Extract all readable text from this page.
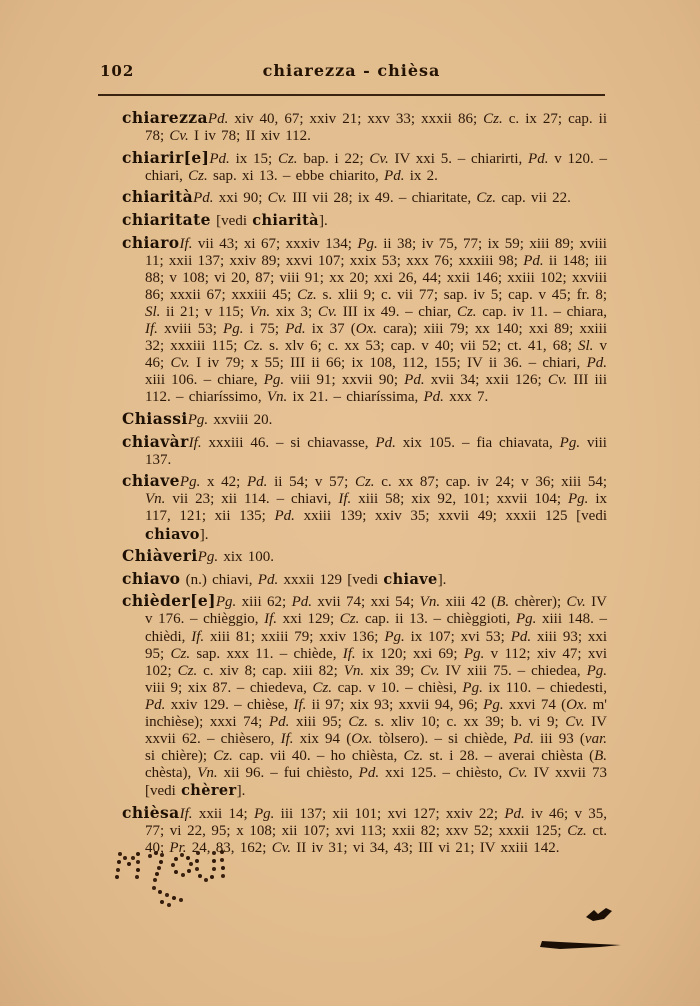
102	chiarezza - chièsa

chiarezzaPd. xiv 40, 67; xxiv 21; xxv 33; xxxii 86; Cz. c. ix 27; cap. ii 78; Cv. I iv 78; II xiv 112.

chiarir[e]Pd. ix 15; Cz. bap. i 22; Cv. IV xxi 5. – chiarirti, Pd. v 120. – chiari, Cz. sap. xi 13. – ebbe chiarito, Pd. ix 2.

chiaritàPd. xxi 90; Cv. III vii 28; ix 49. – chiaritate, Cz. cap. vii 22.

chiaritate [vedi chiarità].

chiaroIf. vii 43; xi 67; xxxiv 134; Pg. ii 38; iv 75, 77; ix 59; xiii 89; xviii 11; xxii 137; xxiv 89; xxvi 107; xxix 53; xxx 76; xxxiii 98; Pd. ii 148; iii 88; v 108; vi 20, 87; viii 91; xx 20; xxi 26, 44; xxii 146; xxiii 102; xxviii 86; xxxii 67; xxxiii 45; Cz. s. xlii 9; c. vii 77; sap. iv 5; cap. v 45; fr. 8; Sl. ii 21; v 115; Vn. xix 3; Cv. III ix 49. – chiar, Cz. cap. iv 11. – chiara, If. xviii 53; Pg. i 75; Pd. ix 37 (Ox. cara); xiii 79; xx 140; xxi 89; xxiii 32; xxxiii 115; Cz. s. xlv 6; c. xx 53; cap. v 40; vii 52; ct. 41, 68; Sl. v 46; Cv. I iv 79; x 55; III ii 66; ix 108, 112, 155; IV ii 36. – chiari, Pd. xiii 106. – chiare, Pg. viii 91; xxvii 90; Pd. xvii 34; xxii 126; Cv. III iii 112. – chiaríssimo, Vn. ix 21. – chiaríssima, Pd. xxx 7.

ChiassiPg. xxviii 20.

chiavàrIf. xxxiii 46. – si chiavasse, Pd. xix 105. – fia chiavata, Pg. viii 137.

chiavePg. x 42; Pd. ii 54; v 57; Cz. c. xx 87; cap. iv 24; v 36; xiii 54; Vn. vii 23; xii 114. – chiavi, If. xiii 58; xix 92, 101; xxvii 104; Pg. ix 117, 121; xii 135; Pd. xxiii 139; xxiv 35; xxvii 49; xxxii 125 [vedi chiavo].

ChiàveriPg. xix 100.

chiavo (n.) chiavi, Pd. xxxii 129 [vedi chiave].

chièder[e]Pg. xiii 62; Pd. xvii 74; xxi 54; Vn. xiii 42 (B. chèrer); Cv. IV v 176. – chièggio, If. xxi 129; Cz. cap. ii 13. – chièggioti, Pg. xiii 148. – chièdi, If. xiii 81; xxiii 79; xxiv 136; Pg. ix 107; xvi 53; Pd. xiii 93; xxi 95; Cz. sap. xxx 11. – chiède, If. ix 120; xxi 69; Pg. v 112; xiv 47; xvi 102; Cz. c. xiv 8; cap. xiii 82; Vn. xix 39; Cv. IV xiii 75. – chiedea, Pg. viii 9; xix 87. – chiedeva, Cz. cap. v 10. – chièsi, Pg. ix 110. – chiedesti, Pd. xxiv 129. – chièse, If. ii 97; xix 93; xxvii 94, 96; Pg. xxvi 74 (Ox. m' inchièse); xxxi 74; Pd. xiii 95; Cz. s. xliv 10; c. xx 39; b. vi 9; Cv. IV xxvii 62. – chièsero, If. xix 94 (Ox. tòlsero). – si chiède, Pd. iii 93 (var. si chière); Cz. cap. vii 40. – ho chièsta, Cz. st. i 28. – averai chièsta (B. chèsta), Vn. xii 96. – fui chièsto, Pd. xxi 125. – chièsto, Cv. IV xxvii 73 [vedi chèrer].

chièsaIf. xxii 14; Pg. iii 137; xii 101; xvi 127; xxiv 22; Pd. iv 46; v 35, 77; vi 22, 95; x 108; xii 107; xvi 113; xxii 82; xxv 52; xxxii 125; Cz. ct. 40; Pr. 24, 83, 162; Cv. II iv 31; vi 34, 43; III vi 21; IV xxiii 142.
